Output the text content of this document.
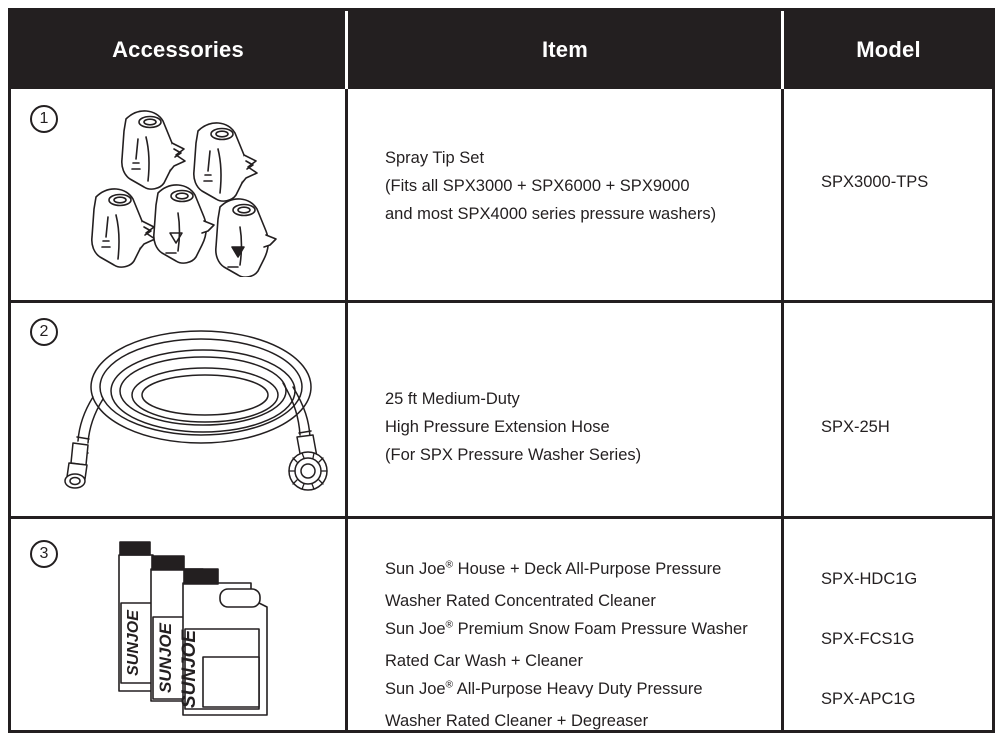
Accessories	Item	Model
1
Spray Tip Set
(Fits all SPX3000 + SPX6000 + SPX9000
and most SPX4000 series pressure washers)
SPX3000-TPS
2
25 ft Medium-Duty
High Pressure Extension Hose
(For SPX Pressure Washer Series)
SPX-25H
3
SUNJOE SUNJOE SUNJOE
Sun Joe® House + Deck All-Purpose Pressure
Washer Rated Concentrated Cleaner
Sun Joe® Premium Snow Foam Pressure Washer
Rated Car Wash + Cleaner
Sun Joe® All-Purpose Heavy Duty Pressure
Washer Rated Cleaner + Degreaser
SPX-HDC1G
SPX-FCS1G
SPX-APC1G
